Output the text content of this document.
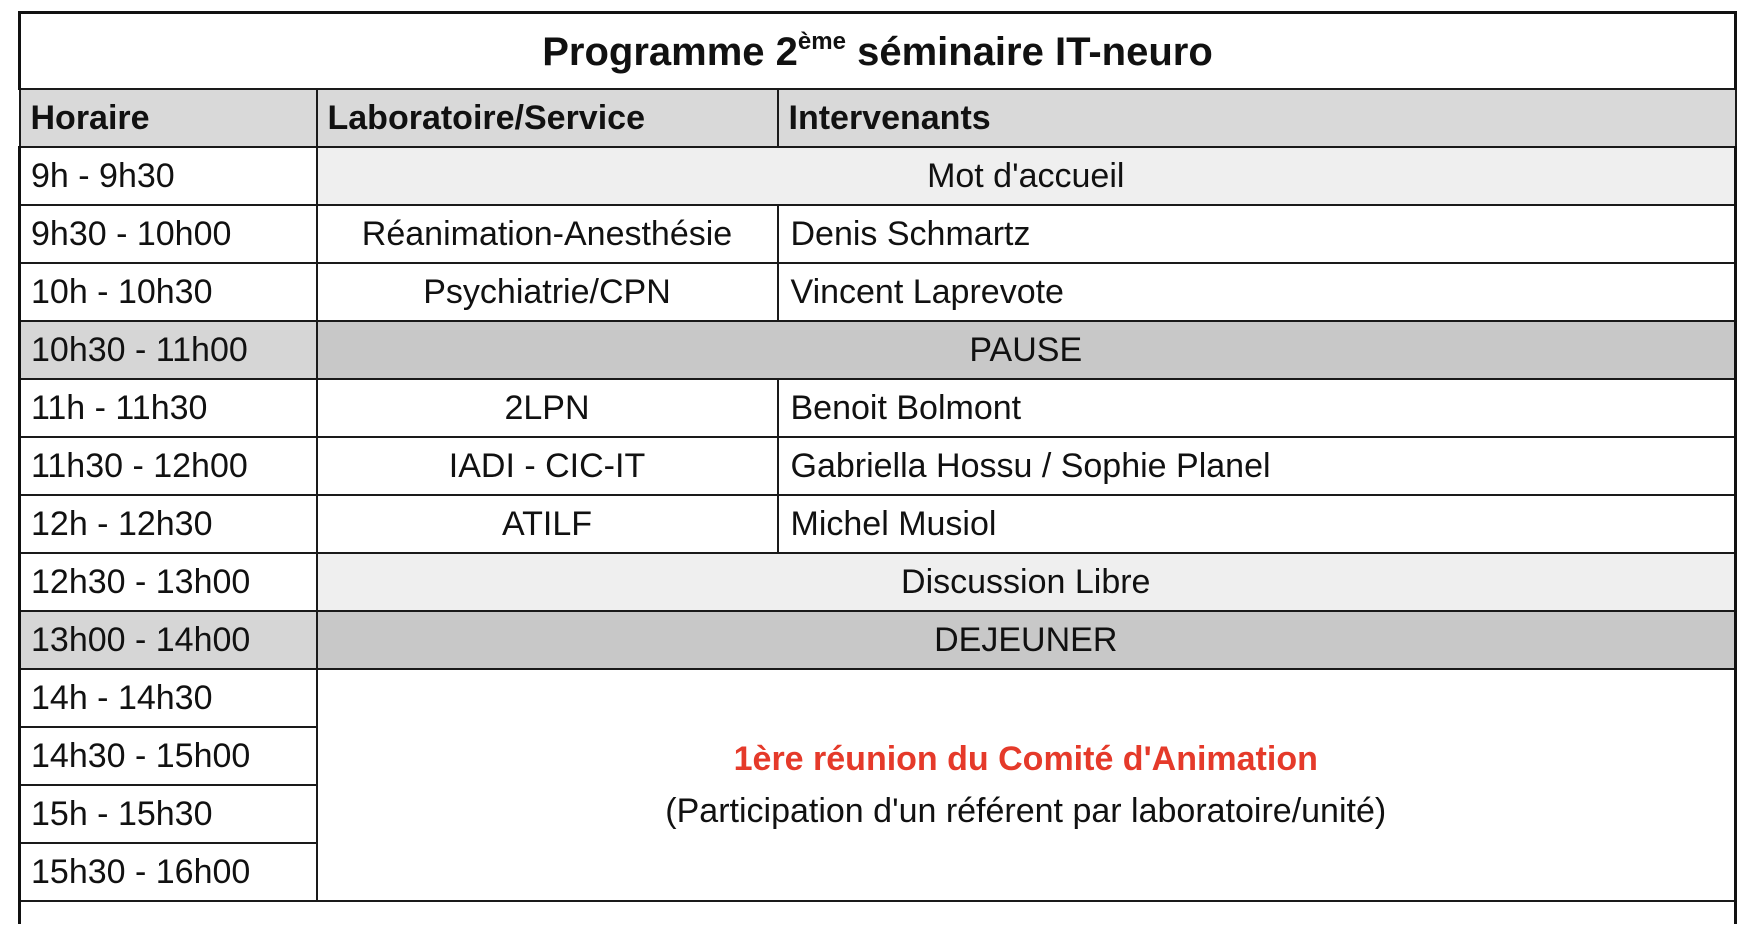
Programme 2ème séminaire IT-neuro		
Horaire	Laboratoire/Service	Intervenants
9h - 9h30	Mot d'accueil	
9h30 - 10h00	Réanimation-Anesthésie	Denis Schmartz
10h - 10h30	Psychiatrie/CPN	Vincent Laprevote
10h30 - 11h00	PAUSE	
11h - 11h30	2LPN	Benoit Bolmont
11h30 - 12h00	IADI - CIC-IT	Gabriella Hossu / Sophie Planel
12h - 12h30	ATILF	Michel Musiol
12h30 - 13h00	Discussion Libre	
13h00 - 14h00	DEJEUNER	
14h - 14h30	1ère réunion du Comité d'Animation
(Participation d'un référent par laboratoire/unité)	

14h30 - 15h00		
15h - 15h30		
15h30 - 16h00		
